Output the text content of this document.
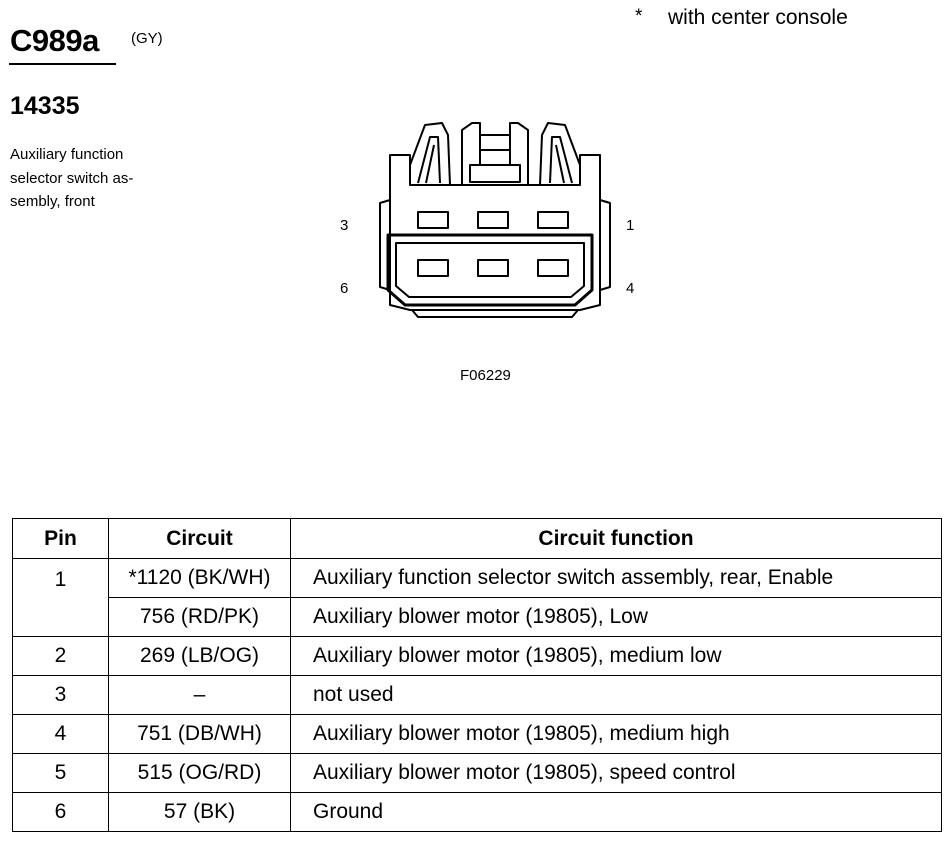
C989a (GY)
14335
Auxiliary function selector switch as-sembly, front
* with center console
3	1
6	4
F06229
Pin	Circuit	Circuit function
1	*1120 (BK/WH)	Auxiliary function selector switch assembly, rear, Enable
	756 (RD/PK)	Auxiliary blower motor (19805), Low
2	269 (LB/OG)	Auxiliary blower motor (19805), medium low
3	–	not used
4	751 (DB/WH)	Auxiliary blower motor (19805), medium high
5	515 (OG/RD)	Auxiliary blower motor (19805), speed control
6	57 (BK)	Ground
